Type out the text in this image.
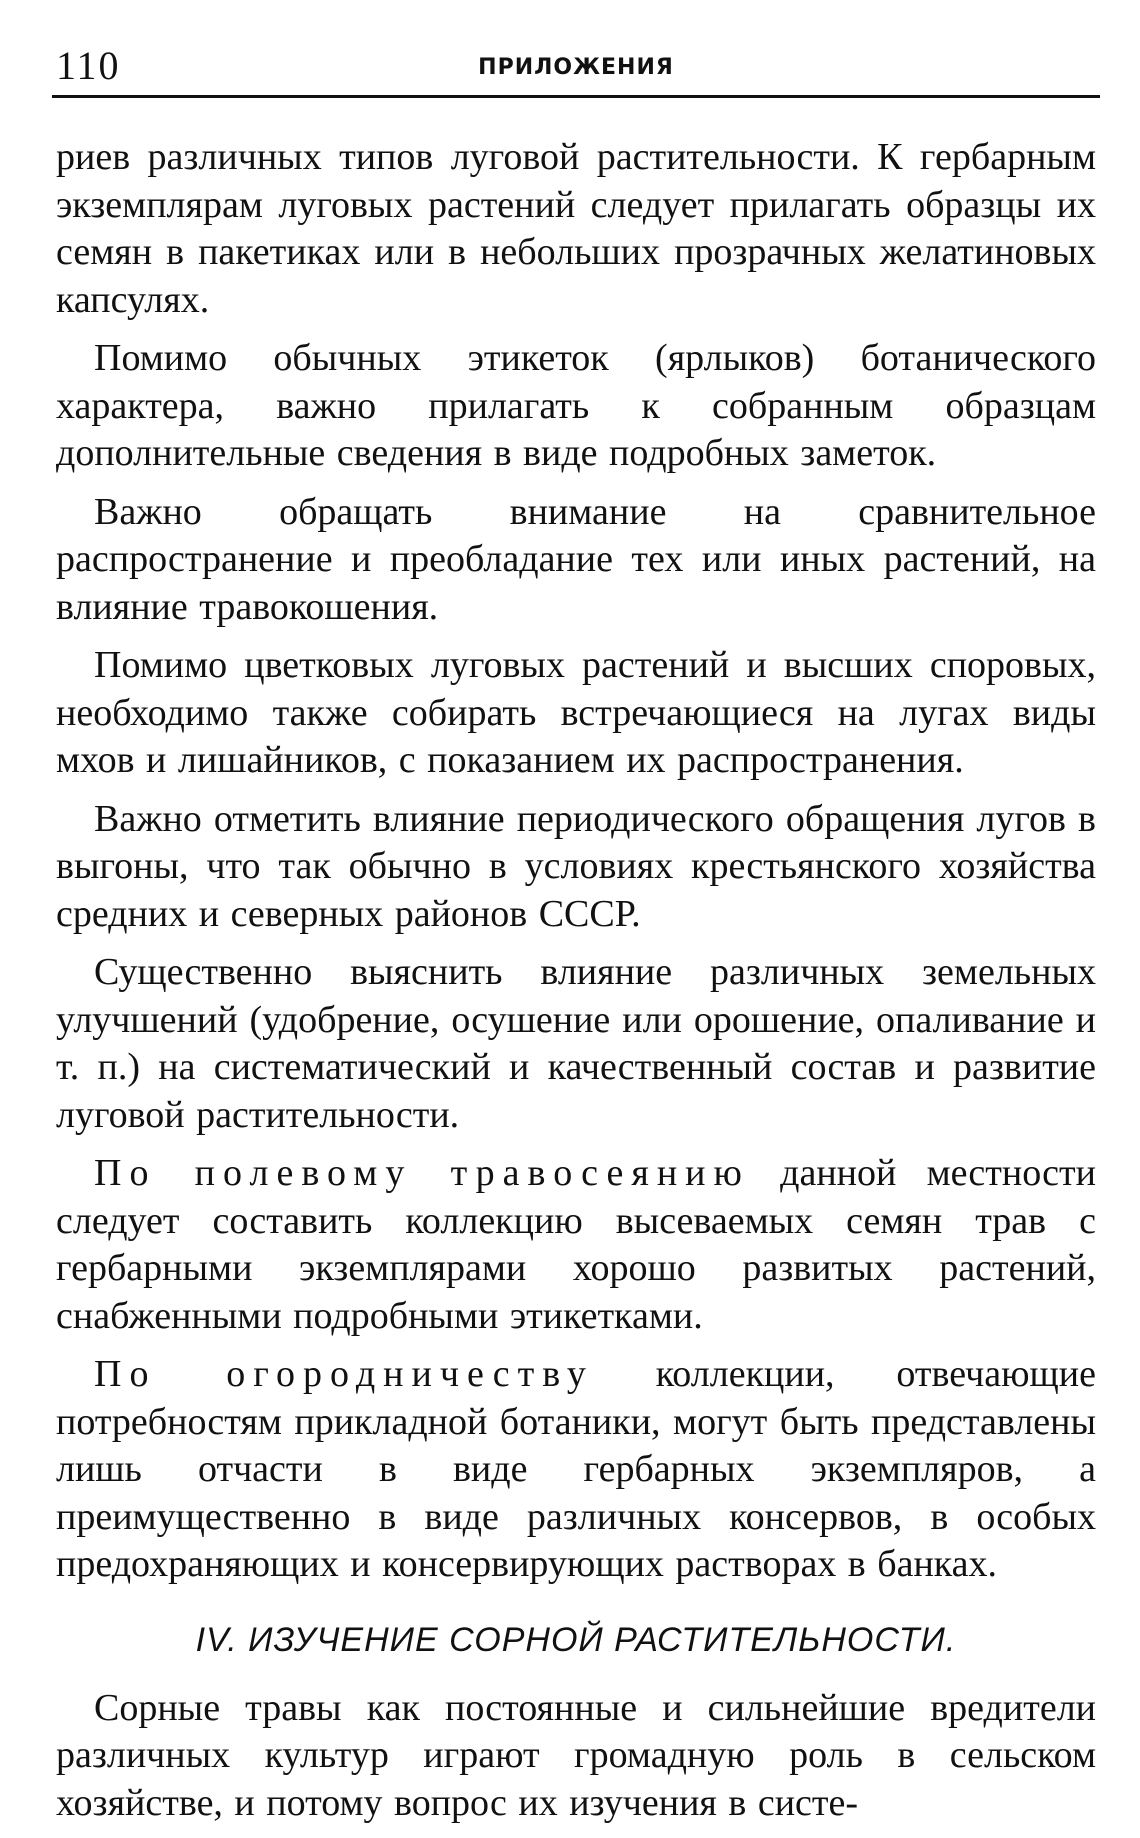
110	ПРИЛОЖЕНИЯ

риев различных типов луговой растительности. К гербарным экземплярам луговых растений следует прилагать образцы их семян в пакетиках или в небольших прозрачных желатиновых капсулях.

Помимо обычных этикеток (ярлыков) ботанического характера, важно прилагать к собранным образцам дополнительные сведения в виде подробных заметок.

Важно обращать внимание на сравнительное распространение и преобладание тех или иных растений, на влияние травокошения.

Помимо цветковых луговых растений и высших споровых, необходимо также собирать встречающиеся на лугах виды мхов и лишайников, с показанием их распространения.

Важно отметить влияние периодического обращения лугов в выгоны, что так обычно в условиях крестьянского хозяйства средних и северных районов СССР.

Существенно выяснить влияние различных земельных улучшений (удобрение, осушение или орошение, опаливание и т. п.) на систематический и качественный состав и развитие луговой растительности.

По полевому травосеянию данной местности следует составить коллекцию высеваемых семян трав с гербарными экземплярами хорошо развитых растений, снабженными подробными этикетками.

По огородничеству коллекции, отвечающие потребностям прикладной ботаники, могут быть представлены лишь отчасти в виде гербарных экземпляров, а преимущественно в виде различных консервов, в особых предохраняющих и консервирующих растворах в банках.

IV. ИЗУЧЕНИЕ СОРНОЙ РАСТИТЕЛЬНОСТИ.

Сорные травы как постоянные и сильнейшие вредители различных культур играют громадную роль в сельском хозяйстве, и потому вопрос их изучения в систе-
